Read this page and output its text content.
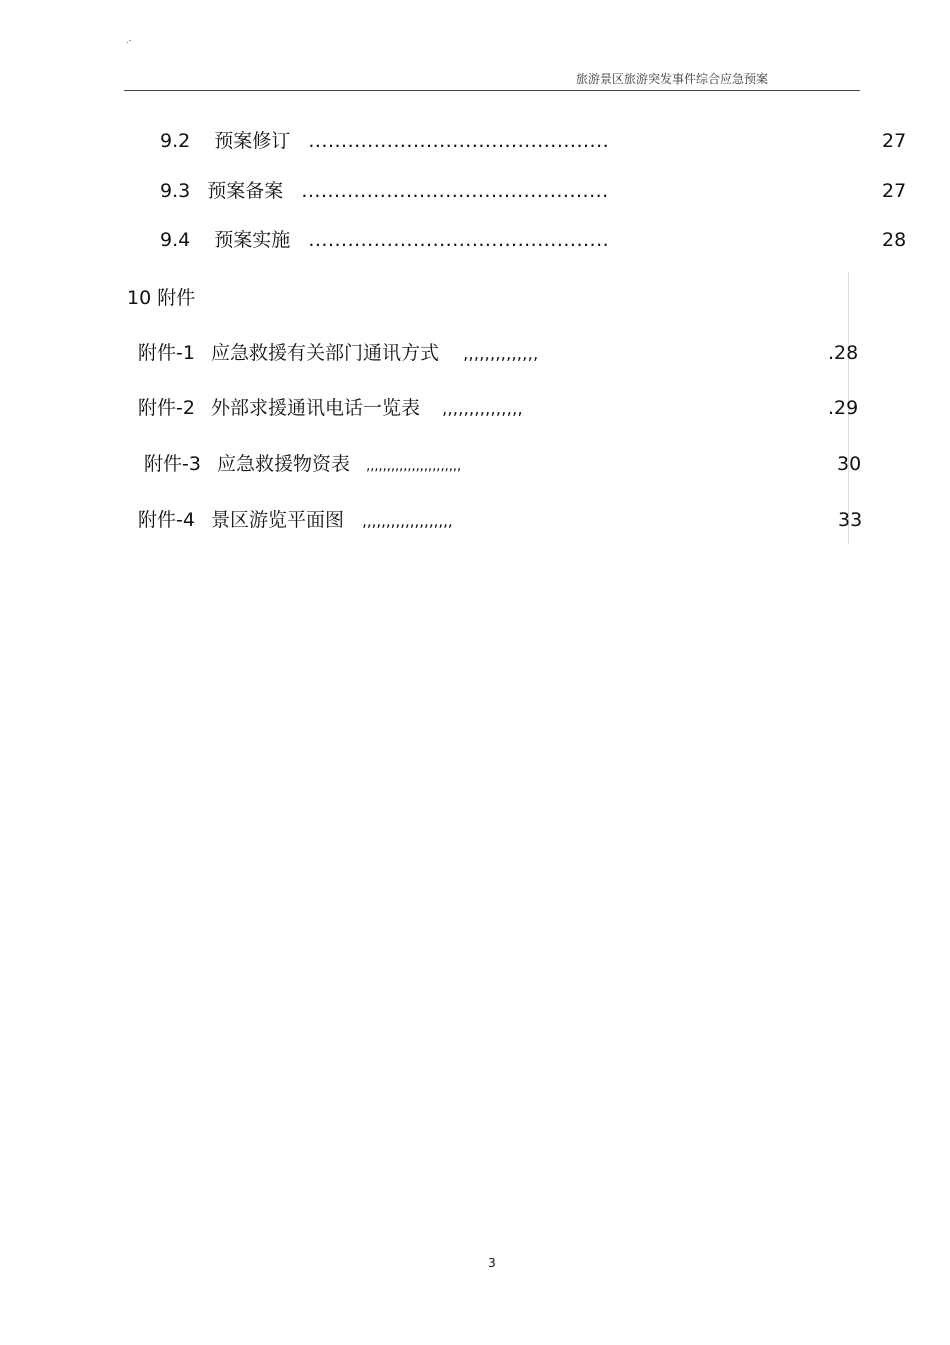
.-
旅游景区旅游突发事件综合应急预案
9.2 预案修订 ..............................................	27
9.3 预案备案 ...............................................	27
9.4 预案实施 ..............................................	28
10 附件
附件-1 应急救援有关部门通讯方式 ,,,,,,,,,,,,,,	.28
附件-2 外部求援通讯电话一览表 ,,,,,,,,,,,,,,,	.29
附件-3 应急救援物资表 ,,,,,,,,,,,,,,,,,,,,,,,	30
附件-4 景区游览平面图 ,,,,,,,,,,,,,,,,,,,	33
3
